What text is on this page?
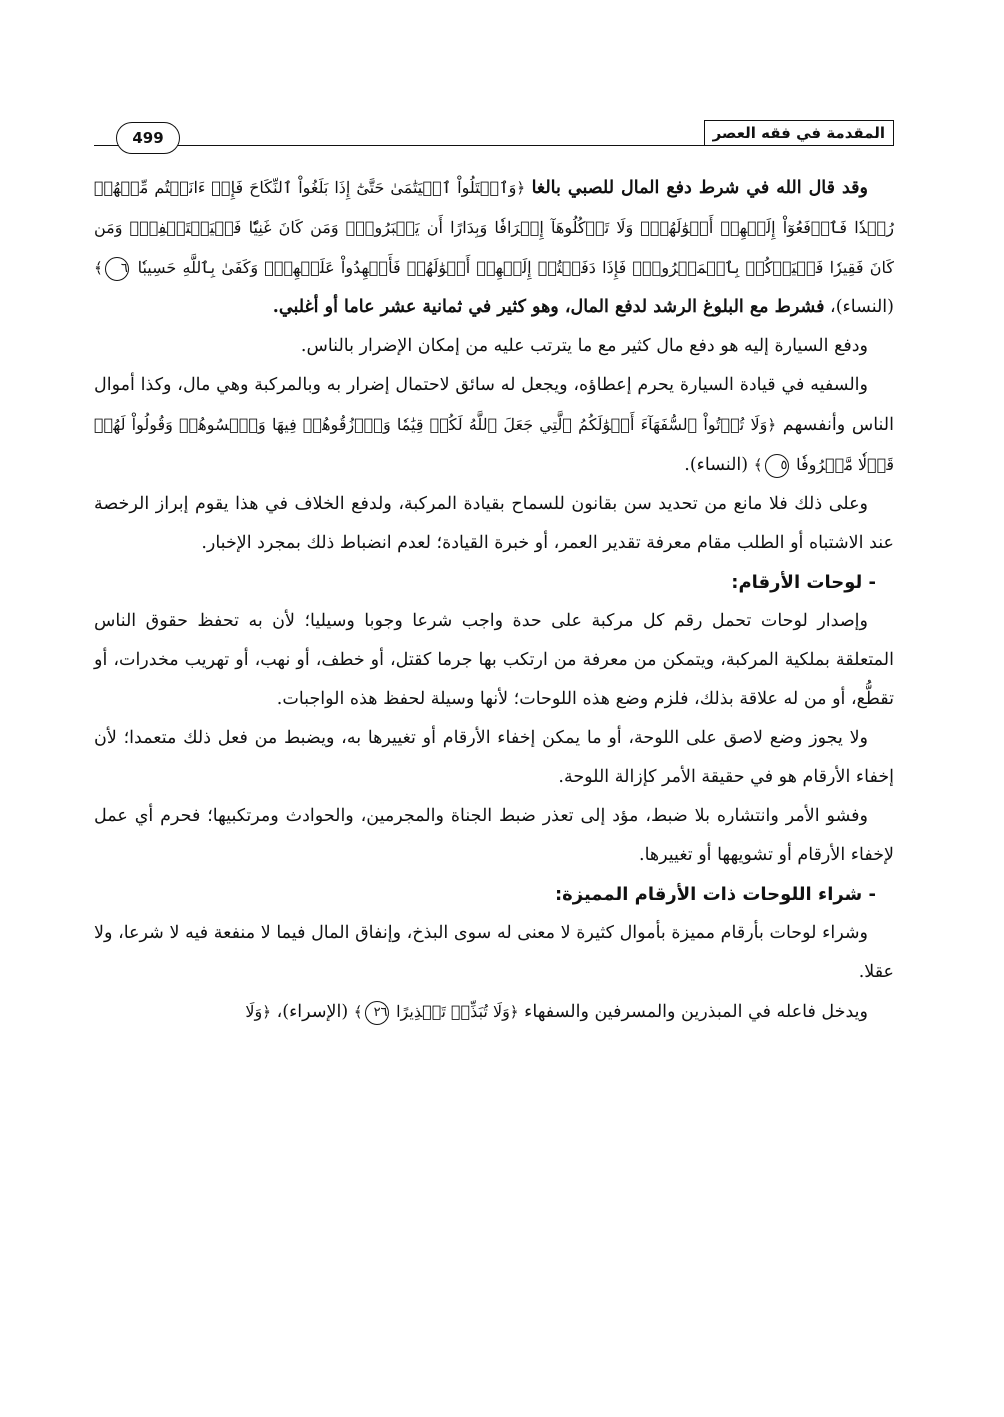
المقدمة في فقه العصر
499

وقد قال الله في شرط دفع المال للصبي بالغا ﴿وَٱبۡتَلُواْ ٱلۡيَتَٰمَىٰ حَتَّىٰٓ إِذَا بَلَغُواْ ٱلنِّكَاحَ فَإِنۡ ءَانَسۡتُم مِّنۡهُمۡ رُشۡدٗا فَٱدۡفَعُوٓاْ إِلَيۡهِمۡ أَمۡوَٰلَهُمۡۖ وَلَا تَأۡكُلُوهَآ إِسۡرَافٗا وَبِدَارًا أَن يَكۡبَرُواْۚ وَمَن كَانَ غَنِيّٗا فَلۡيَسۡتَعۡفِفۡۖ وَمَن كَانَ فَقِيرٗا فَلۡيَأۡكُلۡ بِٱلۡمَعۡرُوفِۚ فَإِذَا دَفَعۡتُمۡ إِلَيۡهِمۡ أَمۡوَٰلَهُمۡ فَأَشۡهِدُواْ عَلَيۡهِمۡۚ وَكَفَىٰ بِٱللَّهِ حَسِيبٗا ٦﴾ (النساء)، فشرط مع البلوغ الرشد لدفع المال، وهو كثير في ثمانية عشر عاما أو أغلبي.

ودفع السيارة إليه هو دفع مال كثير مع ما يترتب عليه من إمكان الإضرار بالناس.

والسفيه في قيادة السيارة يحرم إعطاؤه، ويجعل له سائق لاحتمال إضرار به وبالمركبة وهي مال، وكذا أموال الناس وأنفسهم ﴿وَلَا تُؤۡتُواْ ٱلسُّفَهَآءَ أَمۡوَٰلَكُمُ ٱلَّتِي جَعَلَ ٱللَّهُ لَكُمۡ قِيَٰمٗا وَٱرۡزُقُوهُمۡ فِيهَا وَٱكۡسُوهُمۡ وَقُولُواْ لَهُمۡ قَوۡلٗا مَّعۡرُوفٗا ٥﴾ (النساء).

وعلى ذلك فلا مانع من تحديد سن بقانون للسماح بقيادة المركبة، ولدفع الخلاف في هذا يقوم إبراز الرخصة عند الاشتباه أو الطلب مقام معرفة تقدير العمر، أو خبرة القيادة؛ لعدم انضباط ذلك بمجرد الإخبار.

- لوحات الأرقام:

وإصدار لوحات تحمل رقم كل مركبة على حدة واجب شرعا وجوبا وسيليا؛ لأن به تحفظ حقوق الناس المتعلقة بملكية المركبة، ويتمكن من معرفة من ارتكب بها جرما كقتل، أو خطف، أو نهب، أو تهريب مخدرات، أو تقطُّع، أو من له علاقة بذلك، فلزم وضع هذه اللوحات؛ لأنها وسيلة لحفظ هذه الواجبات.

ولا يجوز وضع لاصق على اللوحة، أو ما يمكن إخفاء الأرقام أو تغييرها به، ويضبط من فعل ذلك متعمدا؛ لأن إخفاء الأرقام هو في حقيقة الأمر كإزالة اللوحة.

وفشو الأمر وانتشاره بلا ضبط، مؤد إلى تعذر ضبط الجناة والمجرمين، والحوادث ومرتكبيها؛ فحرم أي عمل لإخفاء الأرقام أو تشويهها أو تغييرها.

- شراء اللوحات ذات الأرقام المميزة:

وشراء لوحات بأرقام مميزة بأموال كثيرة لا معنى له سوى البذخ، وإنفاق المال فيما لا منفعة فيه لا شرعا، ولا عقلا.

ويدخل فاعله في المبذرين والمسرفين والسفهاء ﴿وَلَا تُبَذِّرۡ تَبۡذِيرًا ٢٦﴾ (الإسراء)، ﴿وَلَا
